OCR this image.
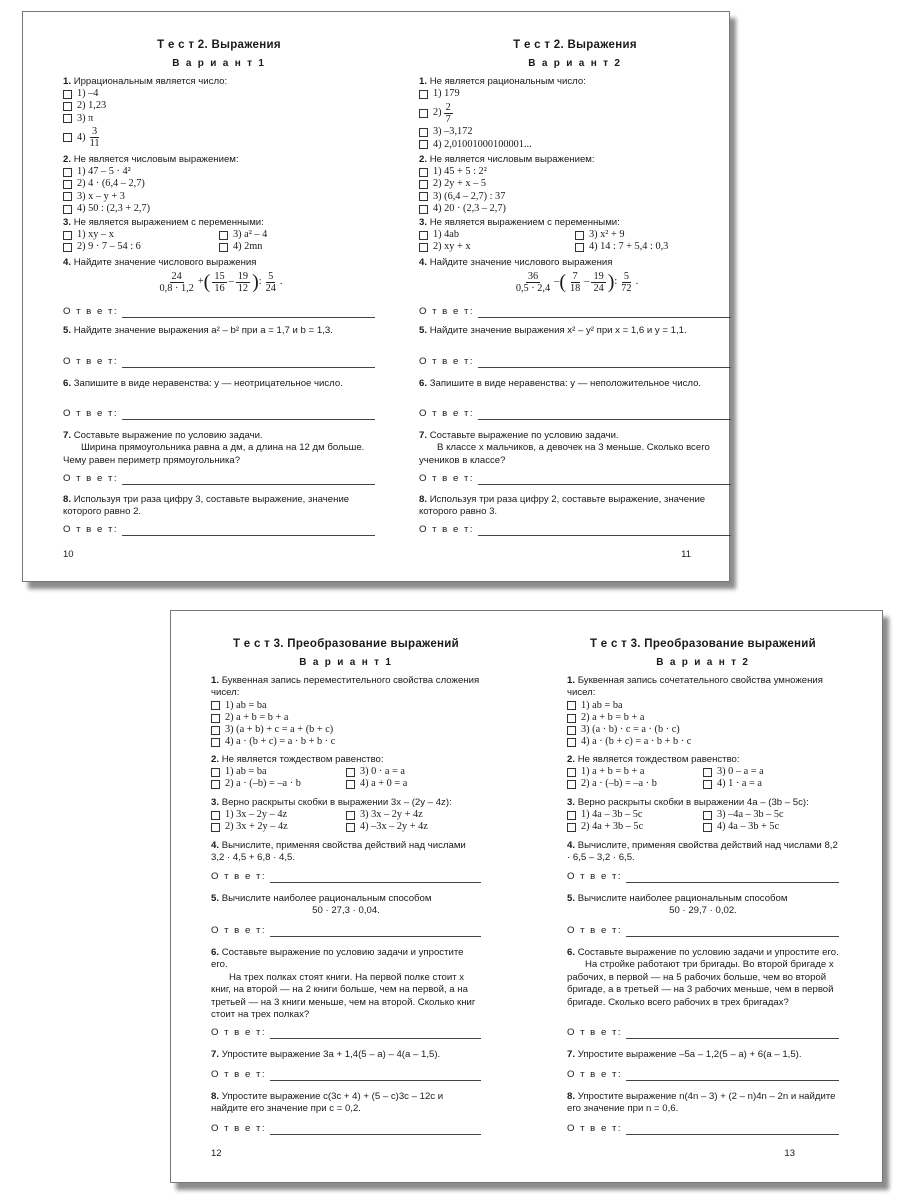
Т е с т 2. Выражения
В а р и а н т 1
1. Иррациональным является число:
1) –4
2) 1,23
3) π
$4) \frac{3}{11}$
2. Не является числовым выражением:
1) 47 – 5 · 4²
2) 4 · (6,4 – 2,7)
3) x – y + 3
4) 50 : (2,3 + 2,7)
3. Не является выражением с переменными:
1) xy – x	3) a² – 4
2) 9 · 7 – 54 : 6	4) 2mn
4. Найдите значение числового выражения
$\frac{24}{0,8 \cdot 1,2}$ + ( $\frac{15}{16} - \frac{19}{12}$ ) : $\frac{5}{24}$ .
О т в е т:
5. Найдите значение выражения a² – b² при a = 1,7 и b = 1,3.
О т в е т:
6. Запишите в виде неравенства: y — неотрицательное число.
О т в е т:
7. Составьте выражение по условию задачи.
Ширина прямоугольника равна a дм, а длина на 12 дм больше. Чему равен периметр прямоугольника?
О т в е т:
8. Используя три раза цифру 3, составьте выражение, значение которого равно 2.
О т в е т:
10
Т е с т 2. Выражения
В а р и а н т 2
1. Не является рациональным число:
1) 179
$2) \frac{2}{7}$
3) –3,172
4) 2,01001000100001...
2. Не является числовым выражением:
1) 45 + 5 : 2²
2) 2y + x – 5
3) (6,4 – 2,7) : 37
4) 20 · (2,3 – 2,7)
3. Не является выражением с переменными:
1) 4ab	3) x² + 9
2) xy + x	4) 14 : 7 + 5,4 : 0,3
4. Найдите значение числового выражения
$\frac{36}{0,5 \cdot 2,4}$ – ( $\frac{7}{18} - \frac{19}{24}$ ) : $\frac{5}{72}$ .
О т в е т:
5. Найдите значение выражения x² – y² при x = 1,6 и y = 1,1.
О т в е т:
6. Запишите в виде неравенства: y — неположительное число.
О т в е т:
7. Составьте выражение по условию задачи.
В классе x мальчиков, а девочек на 3 меньше. Сколько всего учеников в классе?
О т в е т:
8. Используя три раза цифру 2, составьте выражение, значение которого равно 3.
О т в е т:
11
Т е с т 3. Преобразование выражений
В а р и а н т 1
1. Буквенная запись переместительного свойства сложения чисел:
1) ab = ba
2) a + b = b + a
3) (a + b) + c = a + (b + c)
4) a · (b + c) = a · b + b · c
2. Не является тождеством равенство:
1) ab = ba	3) 0 · a = a
2) a · (–b) = –a · b	4) a + 0 = a
3. Верно раскрыты скобки в выражении 3x – (2y – 4z):
1) 3x – 2y – 4z	3) 3x – 2y + 4z
2) 3x + 2y – 4z	4) –3x – 2y + 4z
4. Вычислите, применяя свойства действий над числами 3,2 · 4,5 + 6,8 · 4,5.
О т в е т:
5. Вычислите наиболее рациональным способом
50 · 27,3 · 0,04.
О т в е т:
6. Составьте выражение по условию задачи и упростите его.
На трех полках стоят книги. На первой полке стоит x книг, на второй — на 2 книги больше, чем на первой, а на третьей — на 3 книги меньше, чем на второй. Сколько книг стоит на трех полках?
О т в е т:
7. Упростите выражение 3a + 1,4(5 – a) – 4(a – 1,5).
О т в е т:
8. Упростите выражение c(3c + 4) + (5 – c)3c – 12c и найдите его значение при c = 0,2.
О т в е т:
12
Т е с т 3. Преобразование выражений
В а р и а н т 2
1. Буквенная запись сочетательного свойства умножения чисел:
1) ab = ba
2) a + b = b + a
3) (a · b) · c = a · (b · c)
4) a · (b + c) = a · b + b · c
2. Не является тождеством равенство:
1) a + b = b + a	3) 0 – a = a
2) a · (–b) = –a · b	4) 1 · a = a
3. Верно раскрыты скобки в выражении 4a – (3b – 5c):
1) 4a – 3b – 5c	3) –4a – 3b – 5c
2) 4a + 3b – 5c	4) 4a – 3b + 5c
4. Вычислите, применяя свойства действий над числами 8,2 · 6,5 – 3,2 · 6,5.
О т в е т:
5. Вычислите наиболее рациональным способом
50 · 29,7 · 0,02.
О т в е т:
6. Составьте выражение по условию задачи и упростите его.
На стройке работают три бригады. Во второй бригаде x рабочих, в первой — на 5 рабочих больше, чем во второй бригаде, а в третьей — на 3 рабочих меньше, чем в первой бригаде. Сколько всего рабочих в трех бригадах?
О т в е т:
7. Упростите выражение –5a – 1,2(5 – a) + 6(a – 1,5).
О т в е т:
8. Упростите выражение n(4n – 3) + (2 – n)4n – 2n и найдите его значение при n = 0,6.
О т в е т:
13
